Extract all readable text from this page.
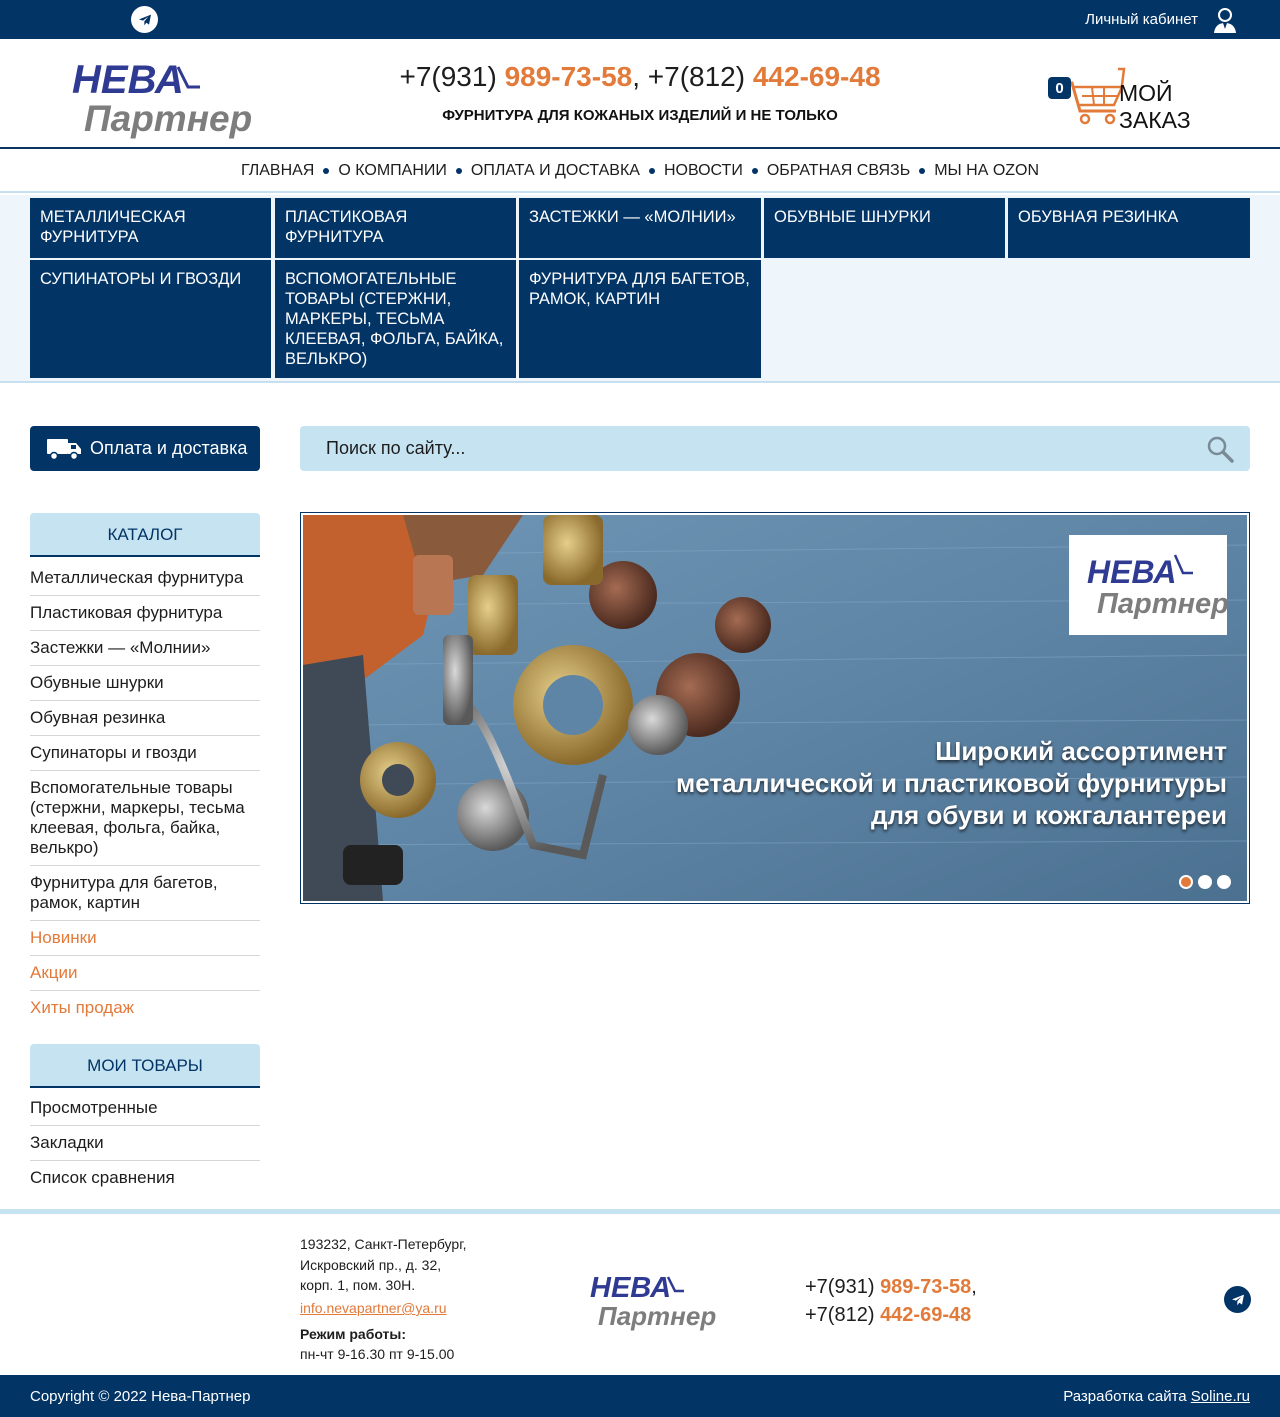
Личный кабинет
НЕВА
Партнер
+7(931) 989-73-58, +7(812) 442-69-48
ФУРНИТУРА ДЛЯ КОЖАНЫХ ИЗДЕЛИЙ И НЕ ТОЛЬКО
0	МОЙ ЗАКАЗ
ГЛАВНАЯ О КОМПАНИИ ОПЛАТА И ДОСТАВКА НОВОСТИ ОБРАТНАЯ СВЯЗЬ МЫ НА OZON
МЕТАЛЛИЧЕСКАЯ ФУРНИТУРА
ПЛАСТИКОВАЯ ФУРНИТУРА
ЗАСТЕЖКИ — «МОЛНИИ»	ОБУВНЫЕ ШНУРКИ	ОБУВНАЯ РЕЗИНКА
СУПИНАТОРЫ И ГВОЗДИ	ВСПОМОГАТЕЛЬНЫЕ ТОВАРЫ (СТЕРЖНИ, МАРКЕРЫ, ТЕСЬМА КЛЕЕВАЯ, ФОЛЬГА, БАЙКА, ВЕЛЬКРО)
ФУРНИТУРА ДЛЯ БАГЕТОВ, РАМОК, КАРТИН
Оплата и доставка
Поиск по сайту...
КАТАЛОГ
Металлическая фурнитура
Пластиковая фурнитура
Застежки — «Молнии»
Обувные шнурки
Обувная резинка
Супинаторы и гвозди
Вспомогательные товары (стержни, маркеры, тесьма клеевая, фольга, байка, велькро)
Фурнитура для багетов, рамок, картин
Новинки
Акции
Хиты продаж
МОИ ТОВАРЫ
Просмотренные
Закладки
Список сравнения
НЕВА
Партнер
Широкий ассортимент
металлической и пластиковой фурнитуры
для обуви и кожгалантереи
193232, Санкт-Петербург,
Искровский пр., д. 32,
корп. 1, пом. 30Н.
info.nevapartner@ya.ru
Режим работы:
пн-чт 9-16.30 пт 9-15.00
НЕВА
Партнер
+7(931) 989-73-58,
+7(812) 442-69-48
Copyright © 2022 Нева-Партнер	Разработка сайта Soline.ru
